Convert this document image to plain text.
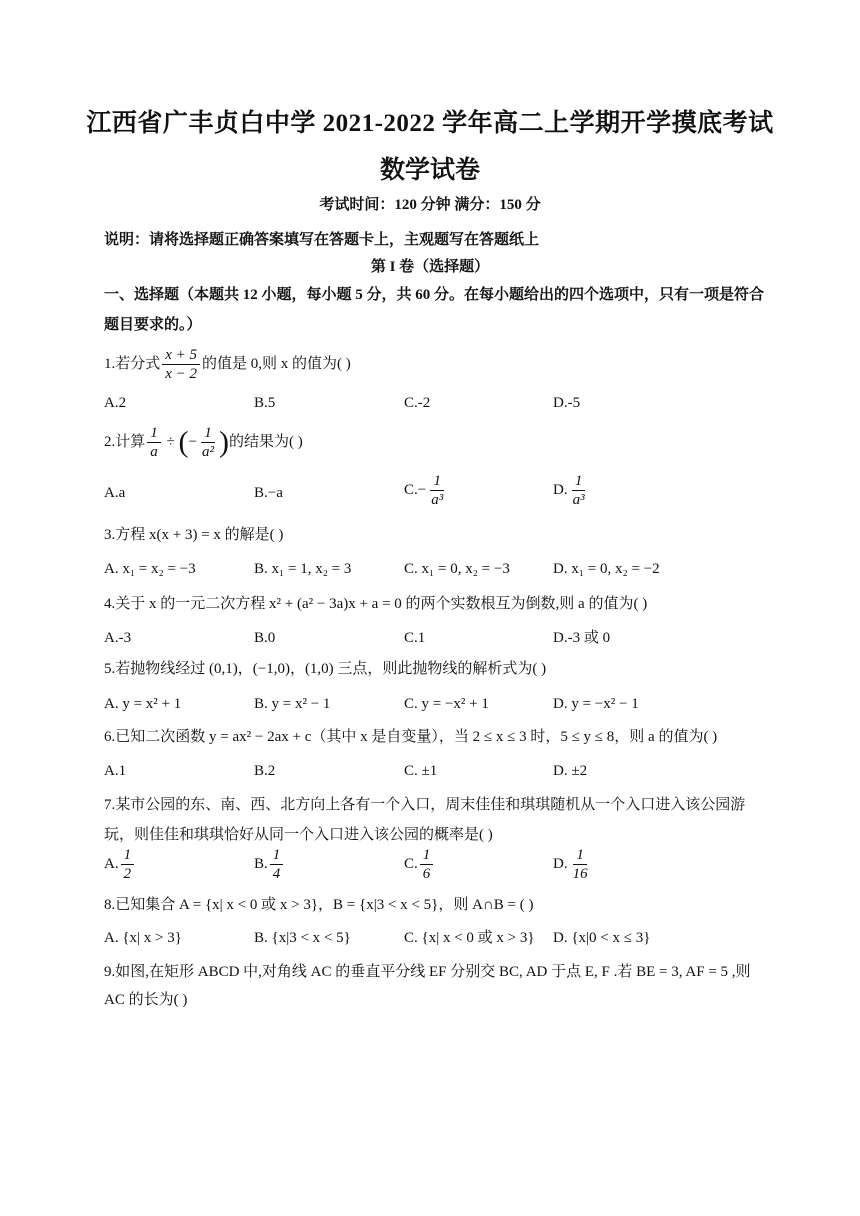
江西省广丰贞白中学 2021-2022 学年高二上学期开学摸底考试
数学试卷
考试时间：120 分钟 满分：150 分
说明：请将选择题正确答案填写在答题卡上，主观题写在答题纸上
第 I 卷（选择题）
一、选择题（本题共 12 小题，每小题 5 分，共 60 分。在每小题给出的四个选项中，只有一项是符合题目要求的。）
1.若分式 $\frac{x + 5}{x - 2}$ 的值是 0,则 x 的值为( )
A.2	B.5	C.-2	D.-5
2.计算 $\frac{1}{a}$ ÷ (− $\frac{1}{\text{a²}}$ )的结果为( )
A.a	B.−a	$C.- \frac{1}{\text{a³}}$	D. $\frac{1}{\text{a³}}$
3.方程 x(x + 3) = x 的解是( )
A. x₁ = x₂ = −3	B. x₁ = 1, x₂ = 3	C. x₁ = 0, x₂ = −3	D. x₁ = 0, x₂ = −2
4.关于 x 的一元二次方程 x² + (a² − 3a)x + a = 0 的两个实数根互为倒数,则 a 的值为( )
A.-3	B.0	C.1	D.-3 或 0
5.若抛物线经过 (0,1)，(−1,0)，(1,0) 三点，则此抛物线的解析式为( )
A. y = x² + 1	B. y = x² − 1	C. y = −x² + 1	D. y = −x² − 1
6.已知二次函数 y = ax² − 2ax + c（其中 x 是自变量），当 2 ≤ x ≤ 3 时，5 ≤ y ≤ 8，则 a 的值为( )
A.1	B.2	C. ±1	D. ±2
7.某市公园的东、南、西、北方向上各有一个入口，周末佳佳和琪琪随机从一个入口进入该公园游玩，则佳佳和琪琪恰好从同一个入口进入该公园的概率是( )
A. $\frac{1}{2}$	B. $\frac{1}{4}$	C. $\frac{1}{6}$	D. $\frac{1}{16}$
8.已知集合 A = {x| x < 0 或 x > 3}，B = {x|3 < x < 5}，则 A∩B = ( )
A. {x| x > 3}	B. {x|3 < x < 5}	C. {x| x < 0 或 x > 3} D. {x|0 < x ≤ 3}
9.如图,在矩形 ABCD 中,对角线 AC 的垂直平分线 EF 分别交 BC, AD 于点 E, F .若 BE = 3, AF = 5 ,则 AC 的长为( )
